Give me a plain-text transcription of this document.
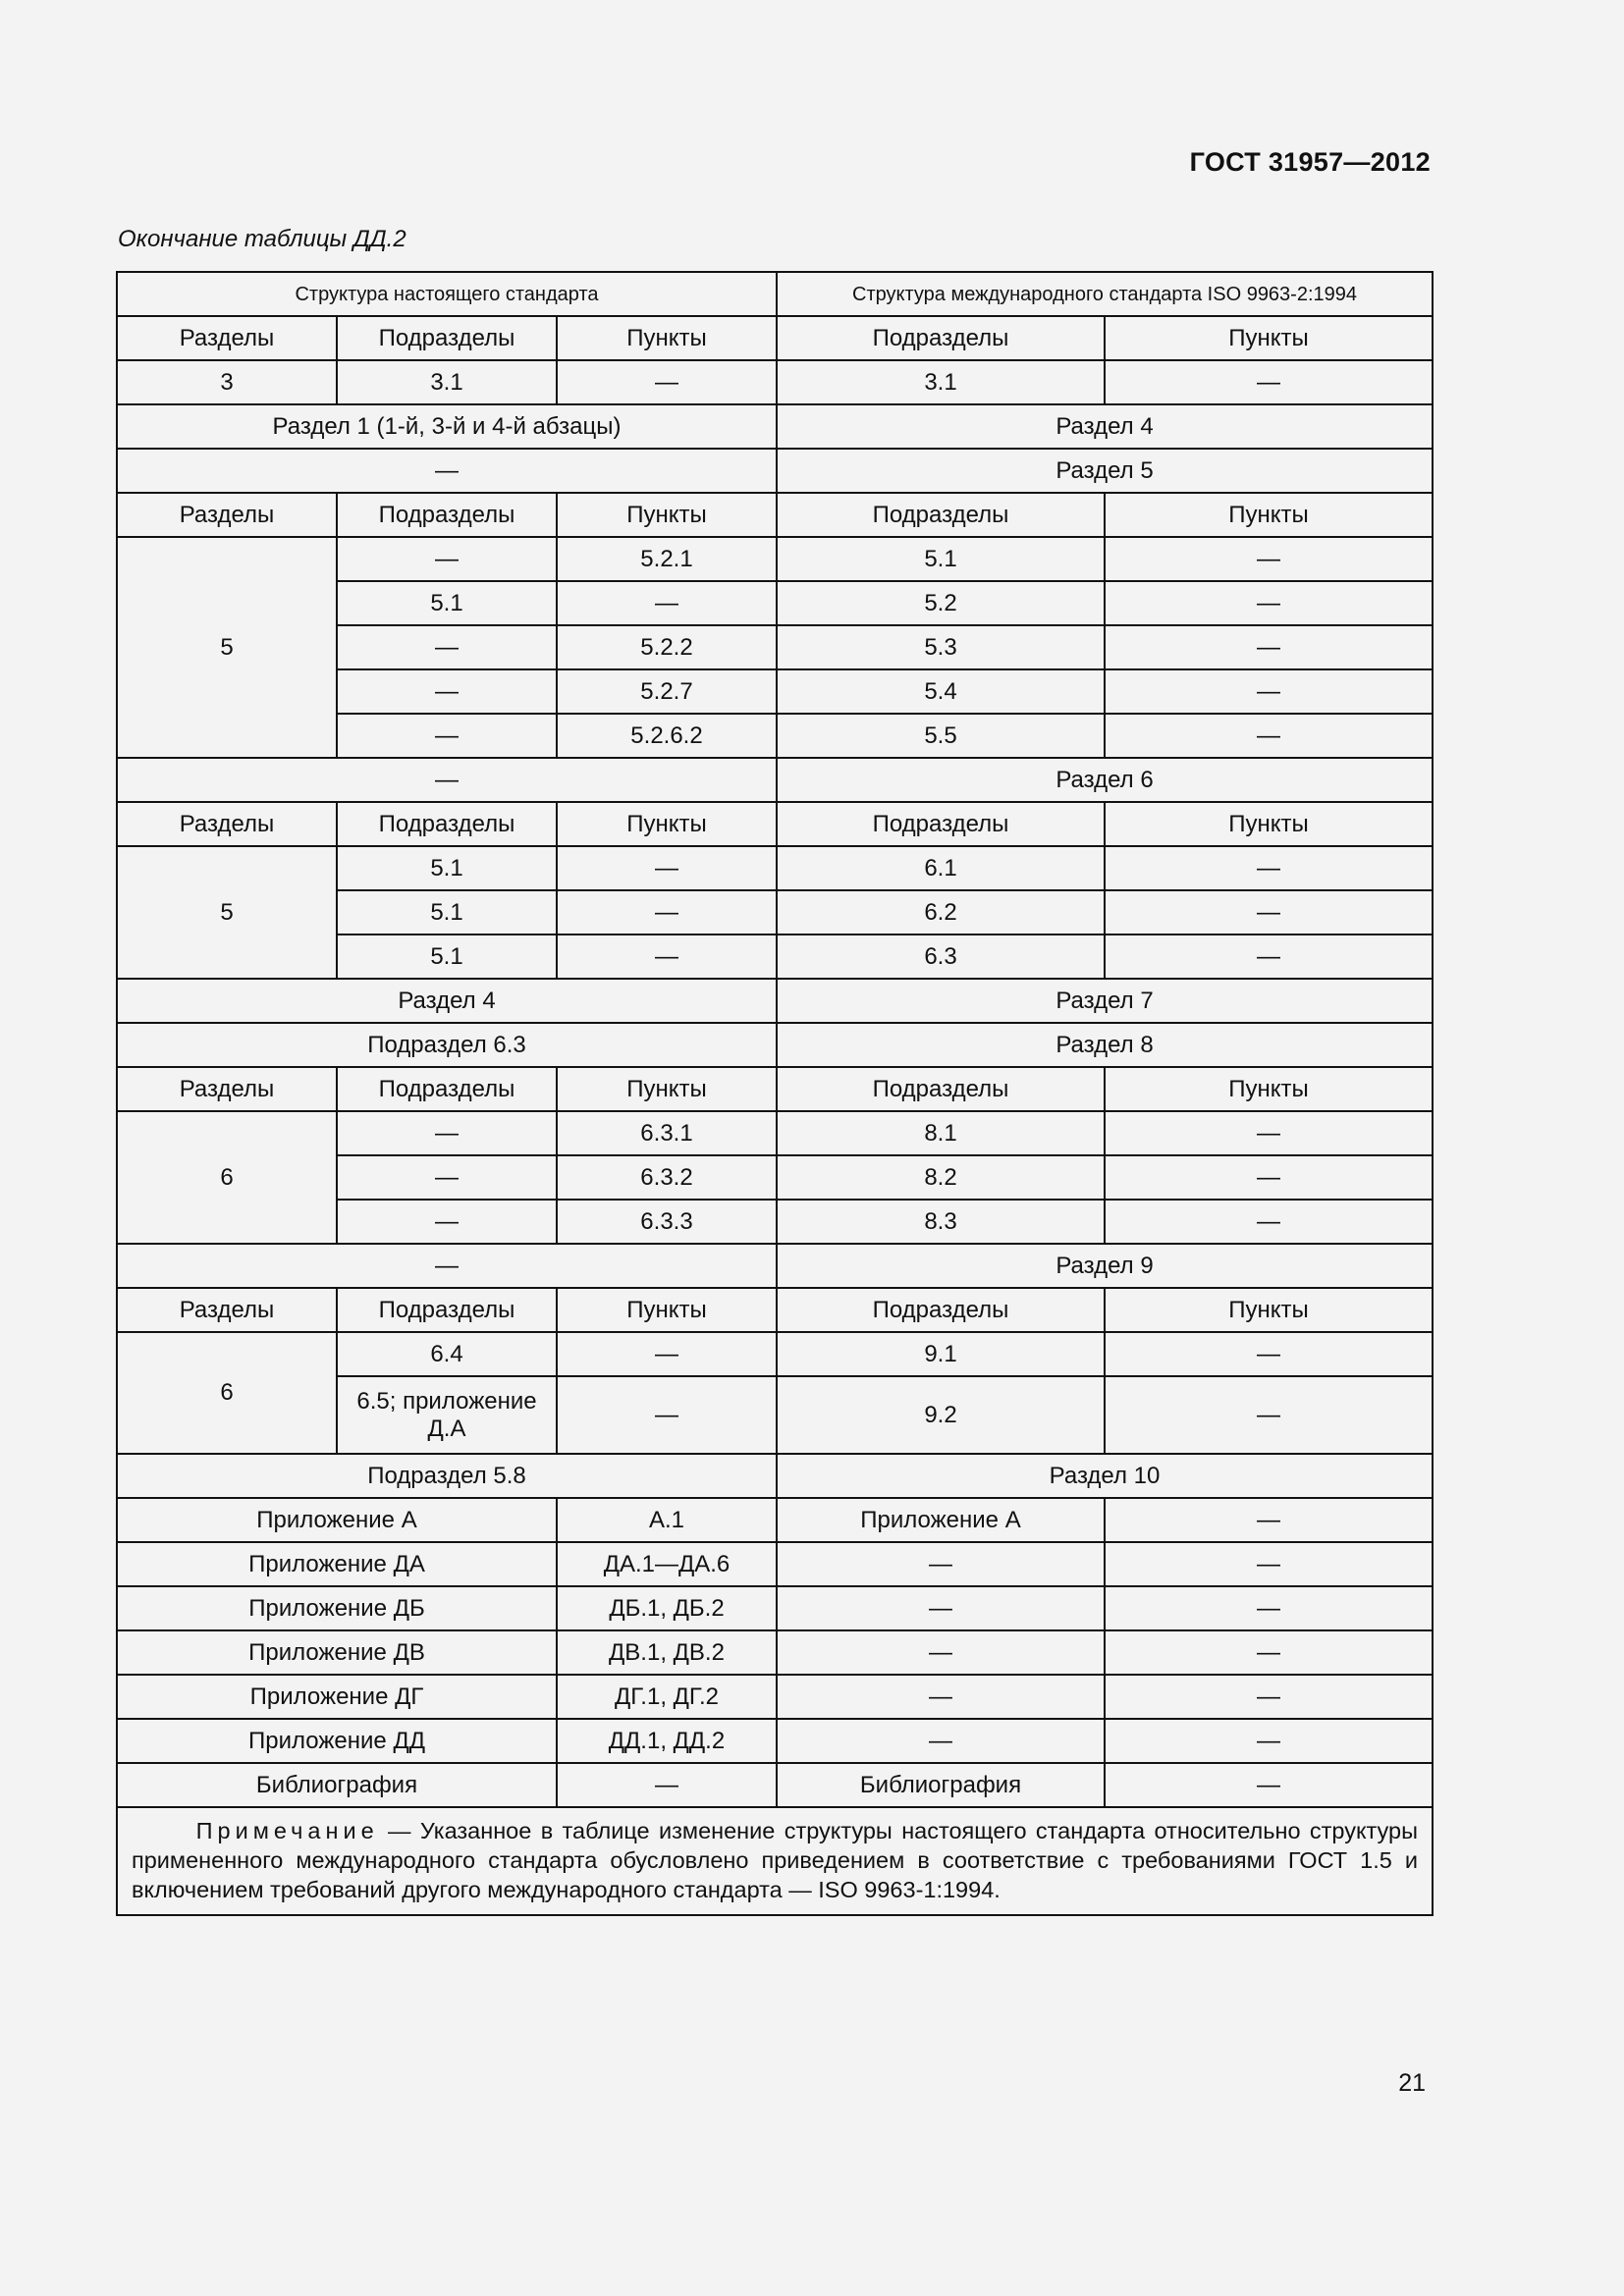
ГОСТ 31957—2012
Окончание таблицы ДД.2
Структура настоящего стандарта			Структура международного стандарта ISO 9963-2:1994	
Разделы	Подразделы	Пункты	Подразделы	Пункты
3	3.1	—	3.1	—
Раздел 1 (1-й, 3-й и 4-й абзацы)			Раздел 4	
—			Раздел 5	
Разделы	Подразделы	Пункты	Подразделы	Пункты
5	—	5.2.1	5.1	—
	5.1	—	5.2	—
	—	5.2.2	5.3	—
	—	5.2.7	5.4	—
	—	5.2.6.2	5.5	—
—			Раздел 6	
Разделы	Подразделы	Пункты	Подразделы	Пункты
5	5.1	—	6.1	—
	5.1	—	6.2	—
	5.1	—	6.3	—
Раздел 4			Раздел 7	
Подраздел 6.3			Раздел 8	
Разделы	Подразделы	Пункты	Подразделы	Пункты
6	—	6.3.1	8.1	—
	—	6.3.2	8.2	—
	—	6.3.3	8.3	—
—			Раздел 9	
Разделы	Подразделы	Пункты	Подразделы	Пункты
6	6.4	—	9.1	—
	6.5; приложение Д.А	—	9.2	—
Подраздел 5.8			Раздел 10	
Приложение А		А.1	Приложение А	—
Приложение ДА		ДА.1—ДА.6	—	—
Приложение ДБ		ДБ.1, ДБ.2	—	—
Приложение ДВ		ДВ.1, ДВ.2	—	—
Приложение ДГ		ДГ.1, ДГ.2	—	—
Приложение ДД		ДД.1, ДД.2	—	—
Библиография		—	Библиография	—
Примечание — Указанное в таблице изменение структуры настоящего стандарта относительно структуры примененного международного стандарта обусловлено приведением в соответствие с требованиями ГОСТ 1.5 и включением требований другого международного стандарта — ISO 9963-1:1994.				
21
